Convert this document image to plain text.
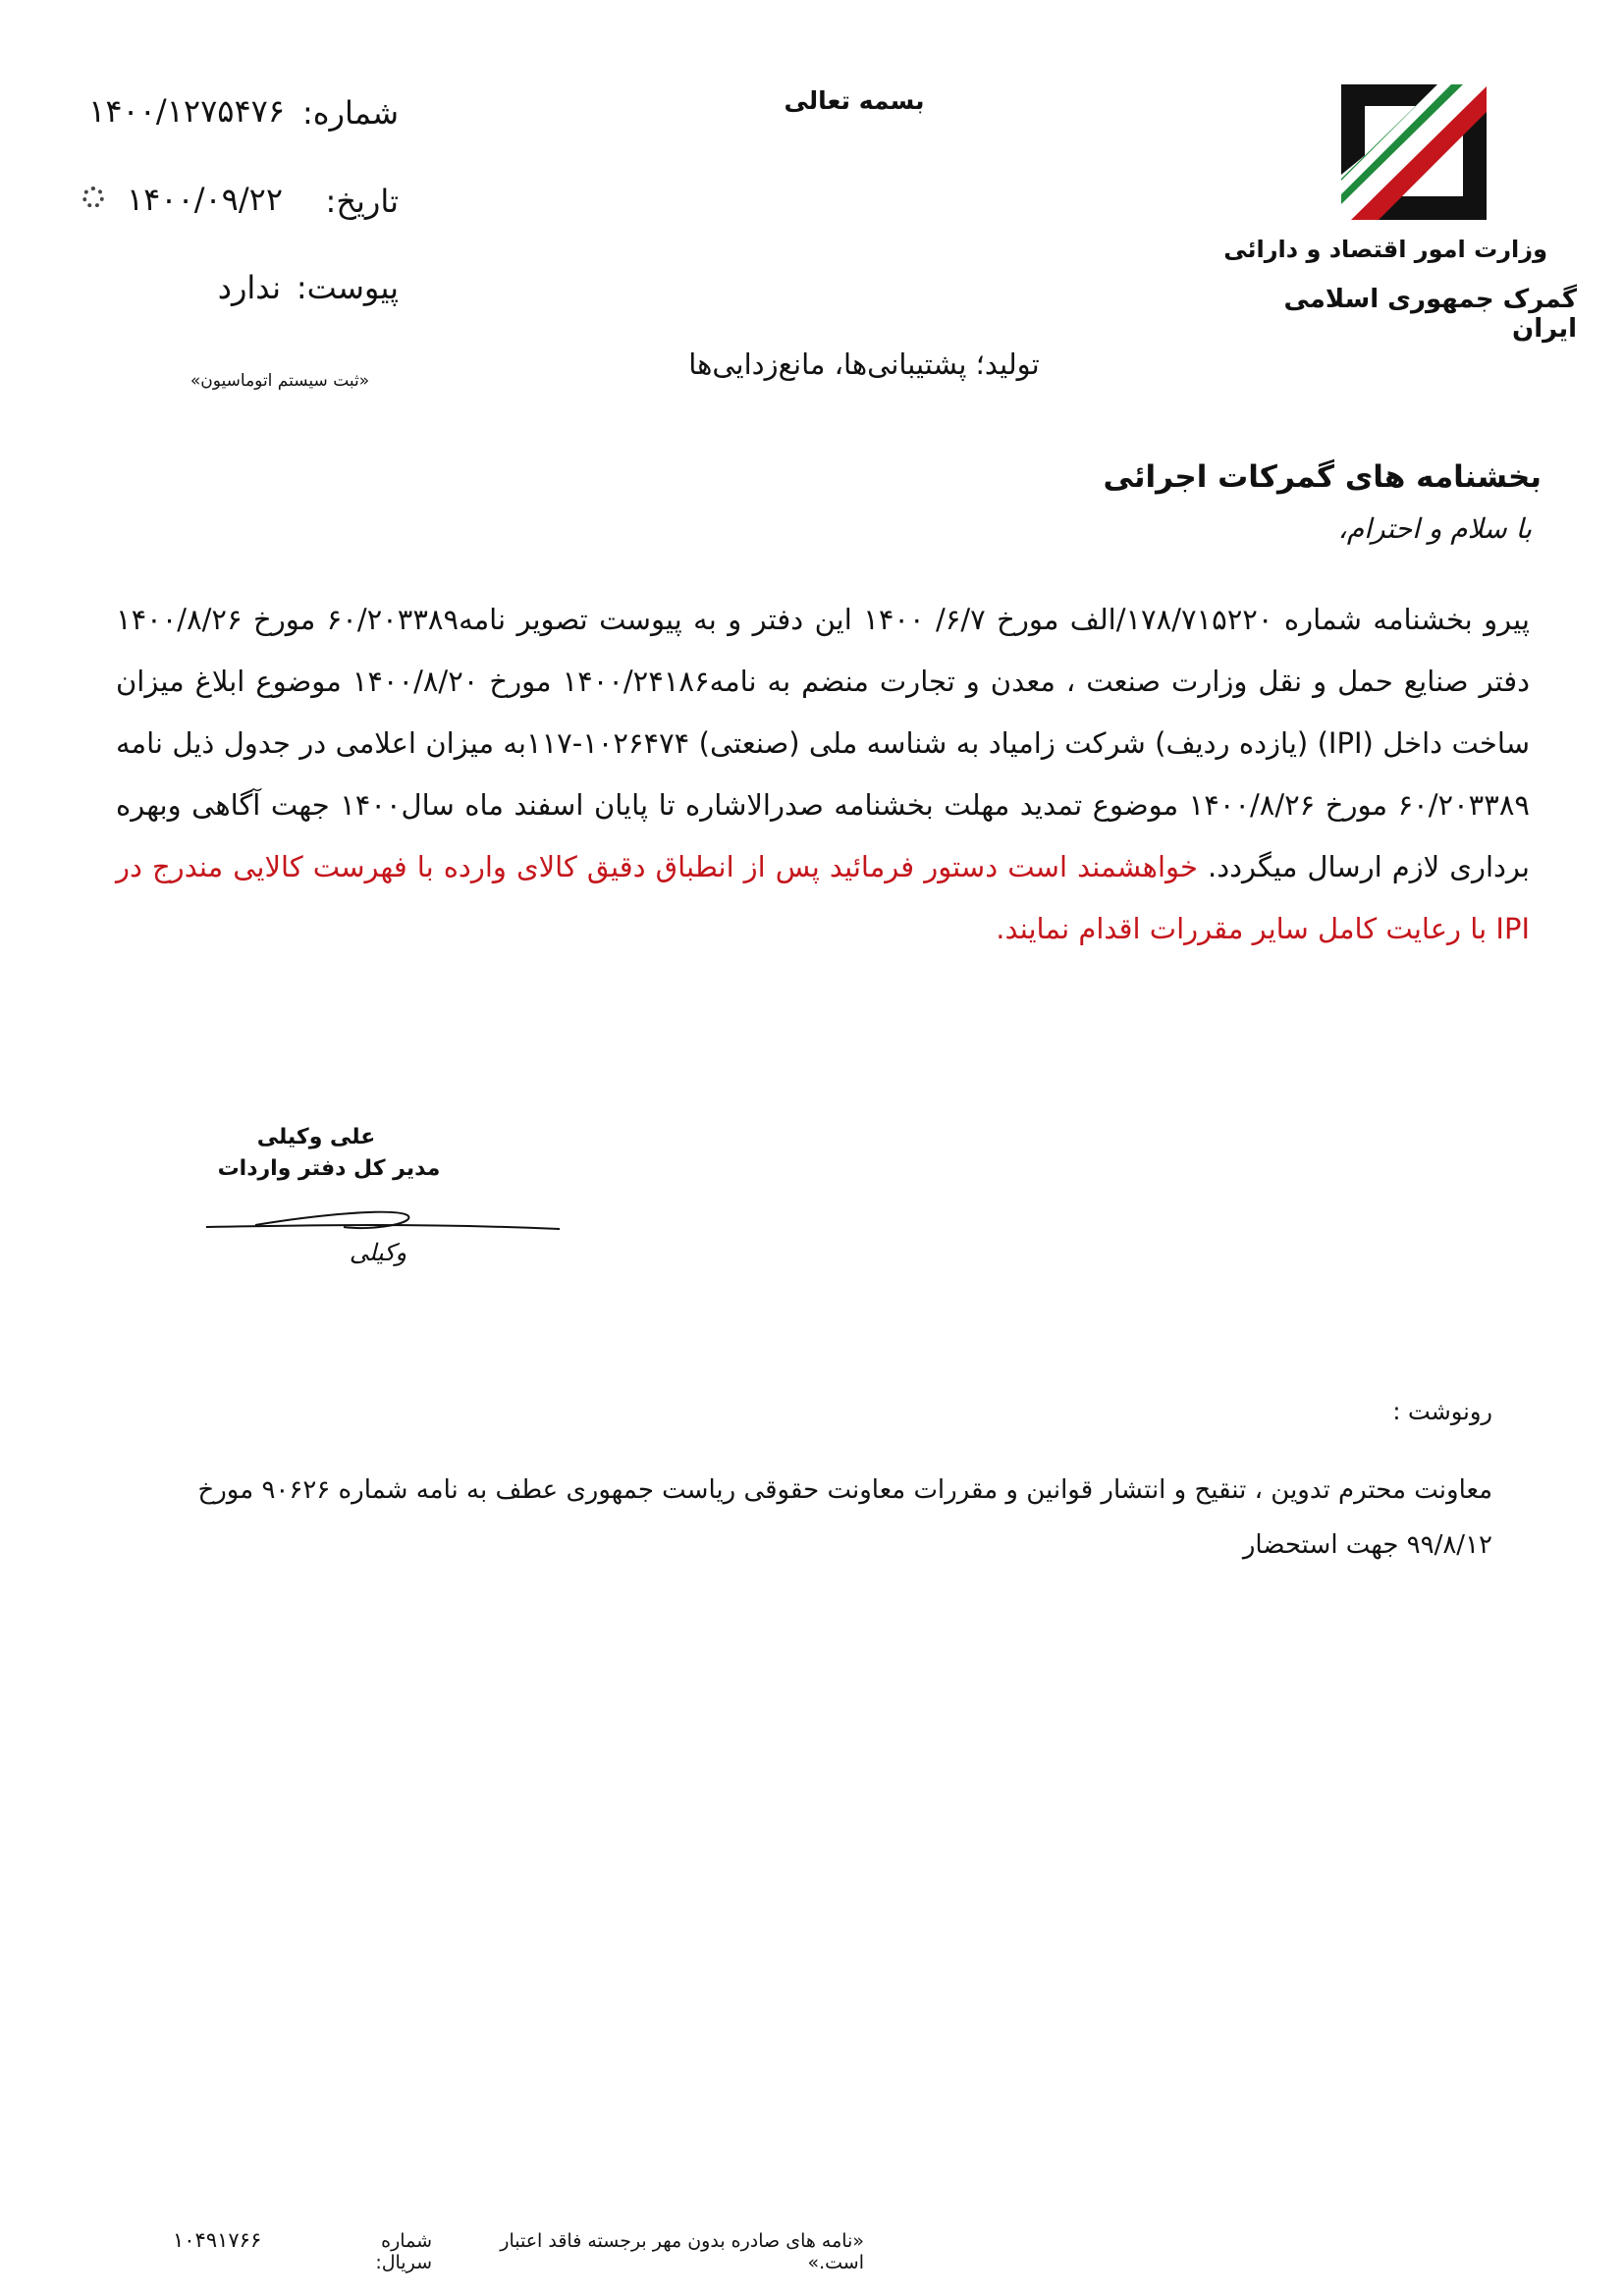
بسمه تعالی
شماره:
۱۴۰۰/۱۲۷۵۴۷۶
تاریخ:
۱۴۰۰/۰۹/۲۲
پیوست:
ندارد
«ثبت سیستم اتوماسیون»
وزارت امور اقتصاد و دارائی
گمرک جمهوری اسلامی ایران
تولید؛ پشتیبانی‌ها، مانع‌زدایی‌ها
بخشنامه های گمرکات اجرائی
با سلام و احترام،
پیرو بخشنامه شماره ۱۷۸/۷۱۵۲۲۰/الف مورخ ۶/۷/ ۱۴۰۰ این دفتر و به پیوست تصویر نامه۶۰/۲۰۳۳۸۹ مورخ ۱۴۰۰/۸/۲۶ دفتر صنایع حمل و نقل وزارت صنعت ، معدن و تجارت منضم به نامه۱۴۰۰/۲۴۱۸۶ مورخ ۱۴۰۰/۸/۲۰ موضوع ابلاغ میزان ساخت داخل (IPI) (یازده ردیف) شرکت زامیاد به شناسه ملی (صنعتی) ۱۰۲۶۴۷۴-۱۱۷به میزان اعلامی در جدول ذیل نامه ۶۰/۲۰۳۳۸۹ مورخ ۱۴۰۰/۸/۲۶ موضوع تمدید مهلت بخشنامه صدرالاشاره تا پایان اسفند ماه سال۱۴۰۰ جهت آگاهی وبهره برداری لازم ارسال میگردد. خواهشمند است دستور فرمائید پس از انطباق دقیق کالای وارده با فهرست کالایی مندرج در IPI با رعایت کامل سایر مقررات اقدام نمایند.
علی وکیلی
مدیر کل دفتر واردات
وکیلی
رونوشت :
معاونت محترم تدوین ، تنقیح و انتشار قوانین و مقررات معاونت حقوقی ریاست جمهوری عطف به نامه شماره ۹۰۶۲۶ مورخ ۹۹/۸/۱۲ جهت استحضار
«نامه های صادره بدون مهر برجسته فاقد اعتبار است.»
شماره سریال:
۱۰۴۹۱۷۶۶
